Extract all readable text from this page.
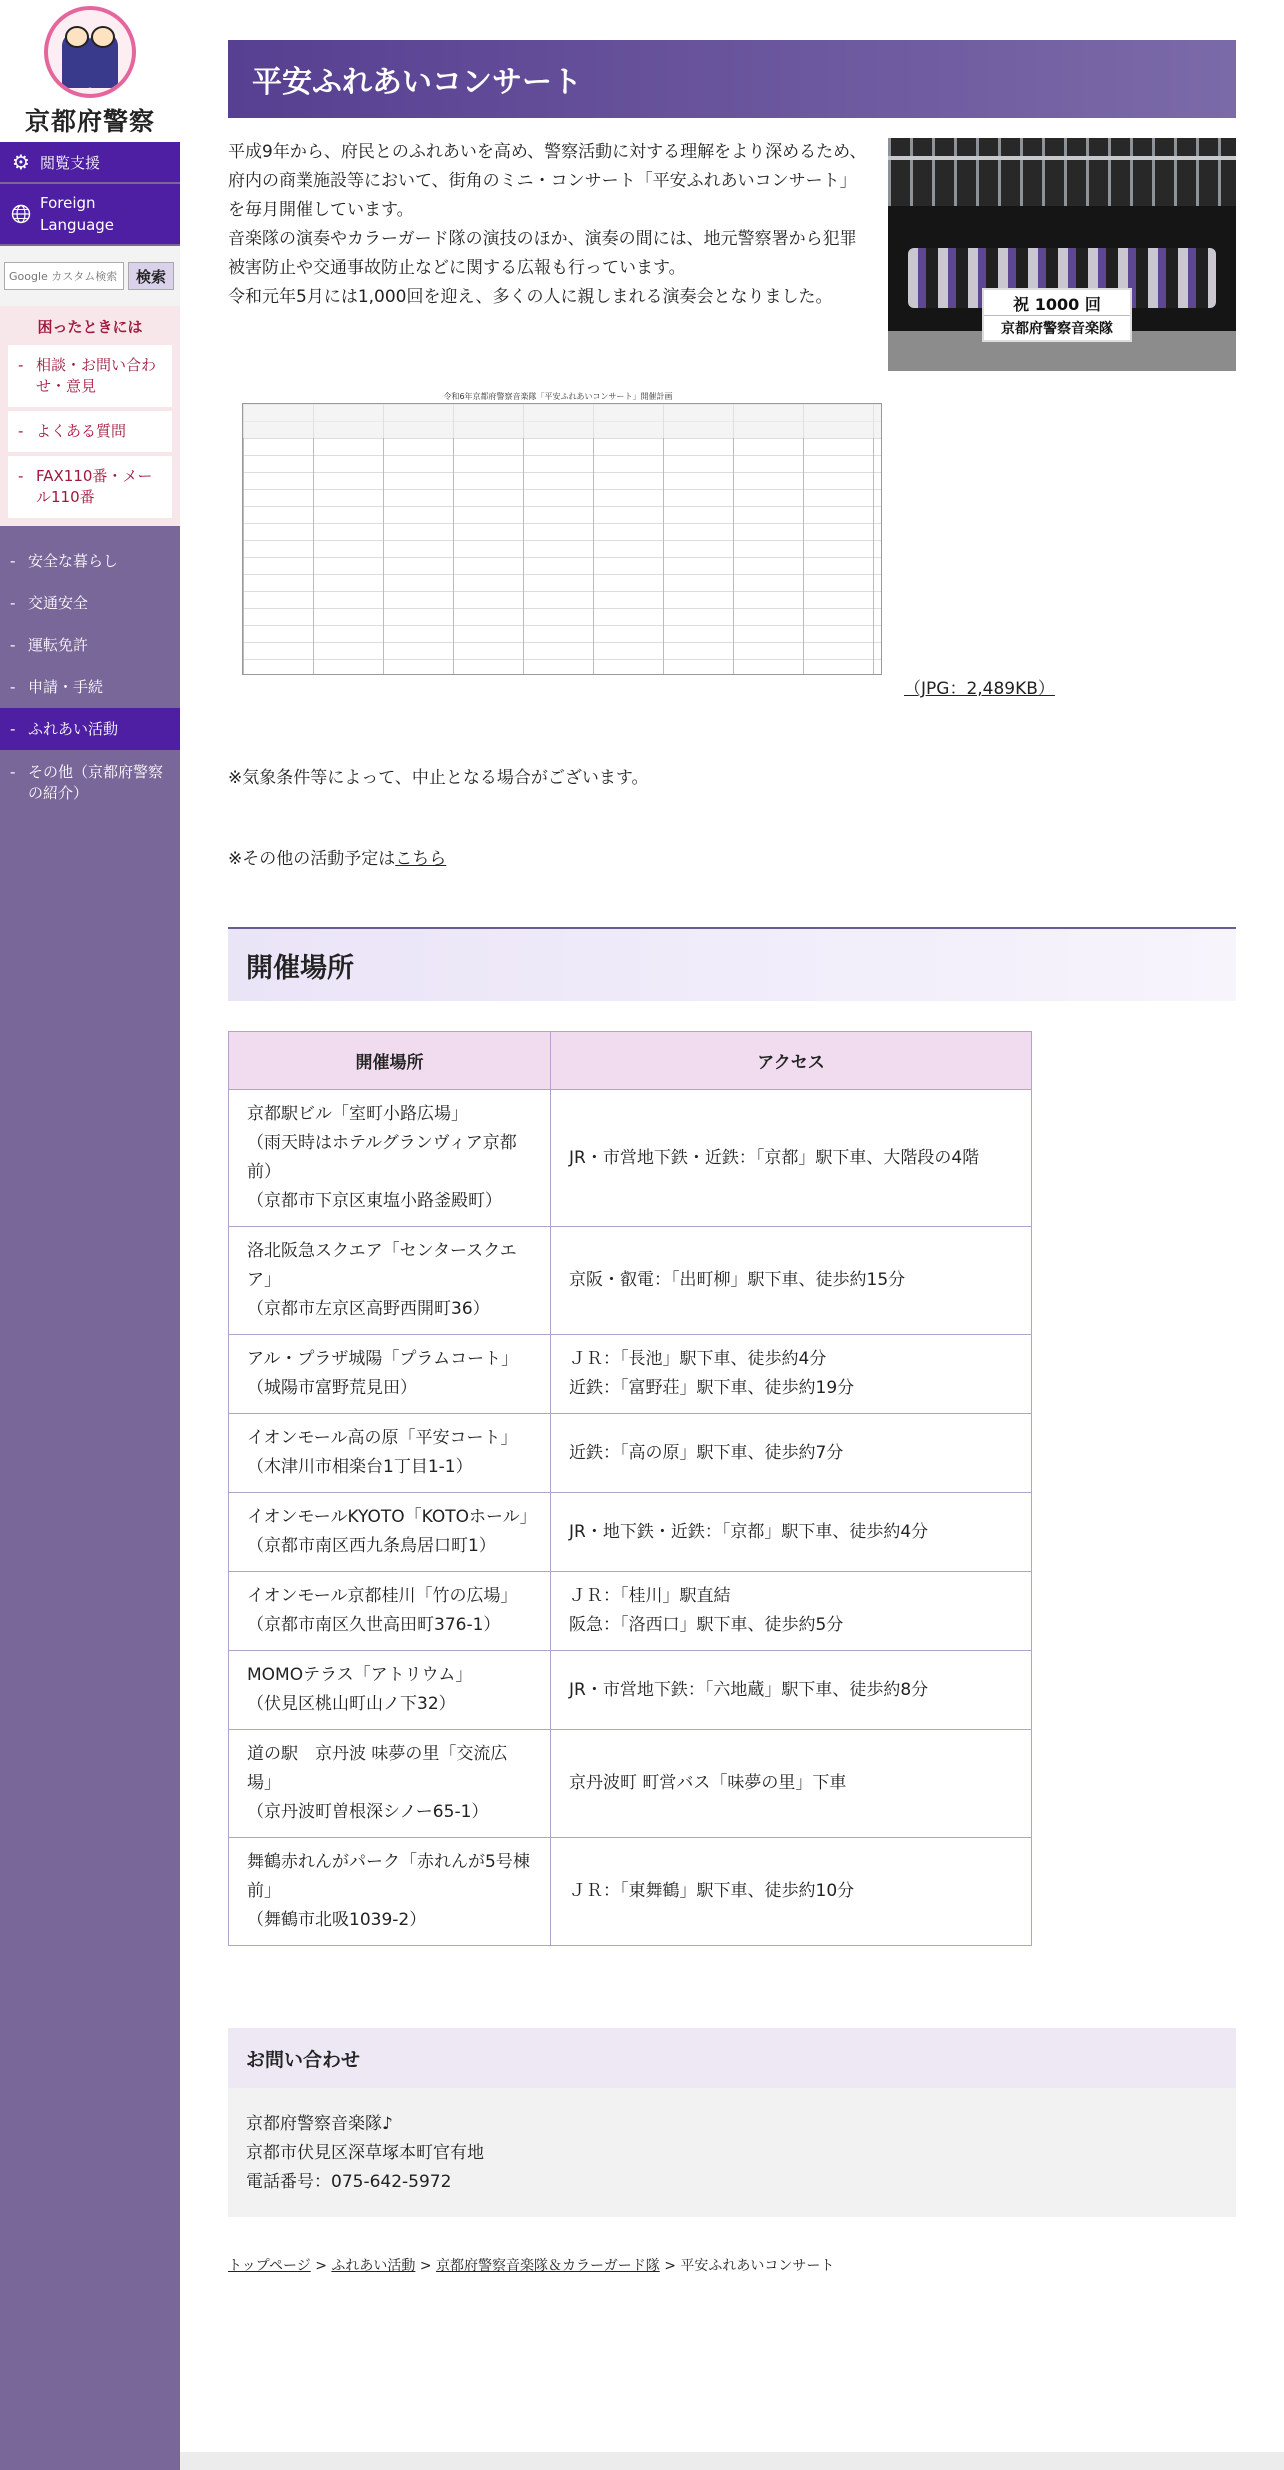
京都府警察
⚙ 閲覧支援
Foreign
Language
Google カスタム検索
検索
困ったときには
- 相談・お問い合わせ・意見
- よくある質問
- FAX110番・メール110番
- 安全な暮らし
- 交通安全
- 運転免許
- 申請・手続
- ふれあい活動
- その他（京都府警察の紹介）
平安ふれあいコンサート

平成9年から、府民とのふれあいを高め、警察活動に対する理解をより深めるため、府内の商業施設等において、街角のミニ・コンサート「平安ふれあいコンサート」を毎月開催しています。

音楽隊の演奏やカラーガード隊の演技のほか、演奏の間には、地元警察署から犯罪被害防止や交通事故防止などに関する広報も行っています。

令和元年5月には1,000回を迎え、多くの人に親しまれる演奏会となりました。	祝 1000 回
京都府警察音楽隊
令和6年京都府警察音楽隊「平安ふれあいコンサート」開催計画
（JPG：2,489KB）

※気象条件等によって、中止となる場合がございます。

※その他の活動予定はこちら

開催場所
開催場所	アクセス

京都駅ビル「室町小路広場」
（雨天時はホテルグランヴィア京都前）
（京都市下京区東塩小路釜殿町）	JR・市営地下鉄・近鉄：「京都」駅下車、大階段の4階

洛北阪急スクエア「センタースクエア」
（京都市左京区高野西開町36）	京阪・叡電：「出町柳」駅下車、徒歩約15分

アル・プラザ城陽「プラムコート」
（城陽市富野荒見田）	ＪＲ：「長池」駅下車、徒歩約4分
近鉄：「富野荘」駅下車、徒歩約19分

イオンモール高の原「平安コート」
（木津川市相楽台1丁目1-1）	近鉄：「高の原」駅下車、徒歩約7分

イオンモールKYOTO「KOTOホール」
（京都市南区西九条鳥居口町1）	JR・地下鉄・近鉄：「京都」駅下車、徒歩約4分

イオンモール京都桂川「竹の広場」
（京都市南区久世高田町376-1）	ＪＲ：「桂川」駅直結
阪急：「洛西口」駅下車、徒歩約5分

MOMOテラス「アトリウム」
（伏見区桃山町山ノ下32）	JR・市営地下鉄：「六地蔵」駅下車、徒歩約8分

道の駅　京丹波 味夢の里「交流広場」
（京丹波町曽根深シノー65-1）	京丹波町 町営バス「味夢の里」下車

舞鶴赤れんがパーク「赤れんが5号棟前」
（舞鶴市北吸1039-2）	ＪＲ：「東舞鶴」駅下車、徒歩約10分
お問い合わせ
京都府警察音楽隊♪
京都市伏見区深草塚本町官有地
電話番号：075-642-5972
トップページ > ふれあい活動 > 京都府警察音楽隊＆カラーガード隊 > 平安ふれあいコンサート
